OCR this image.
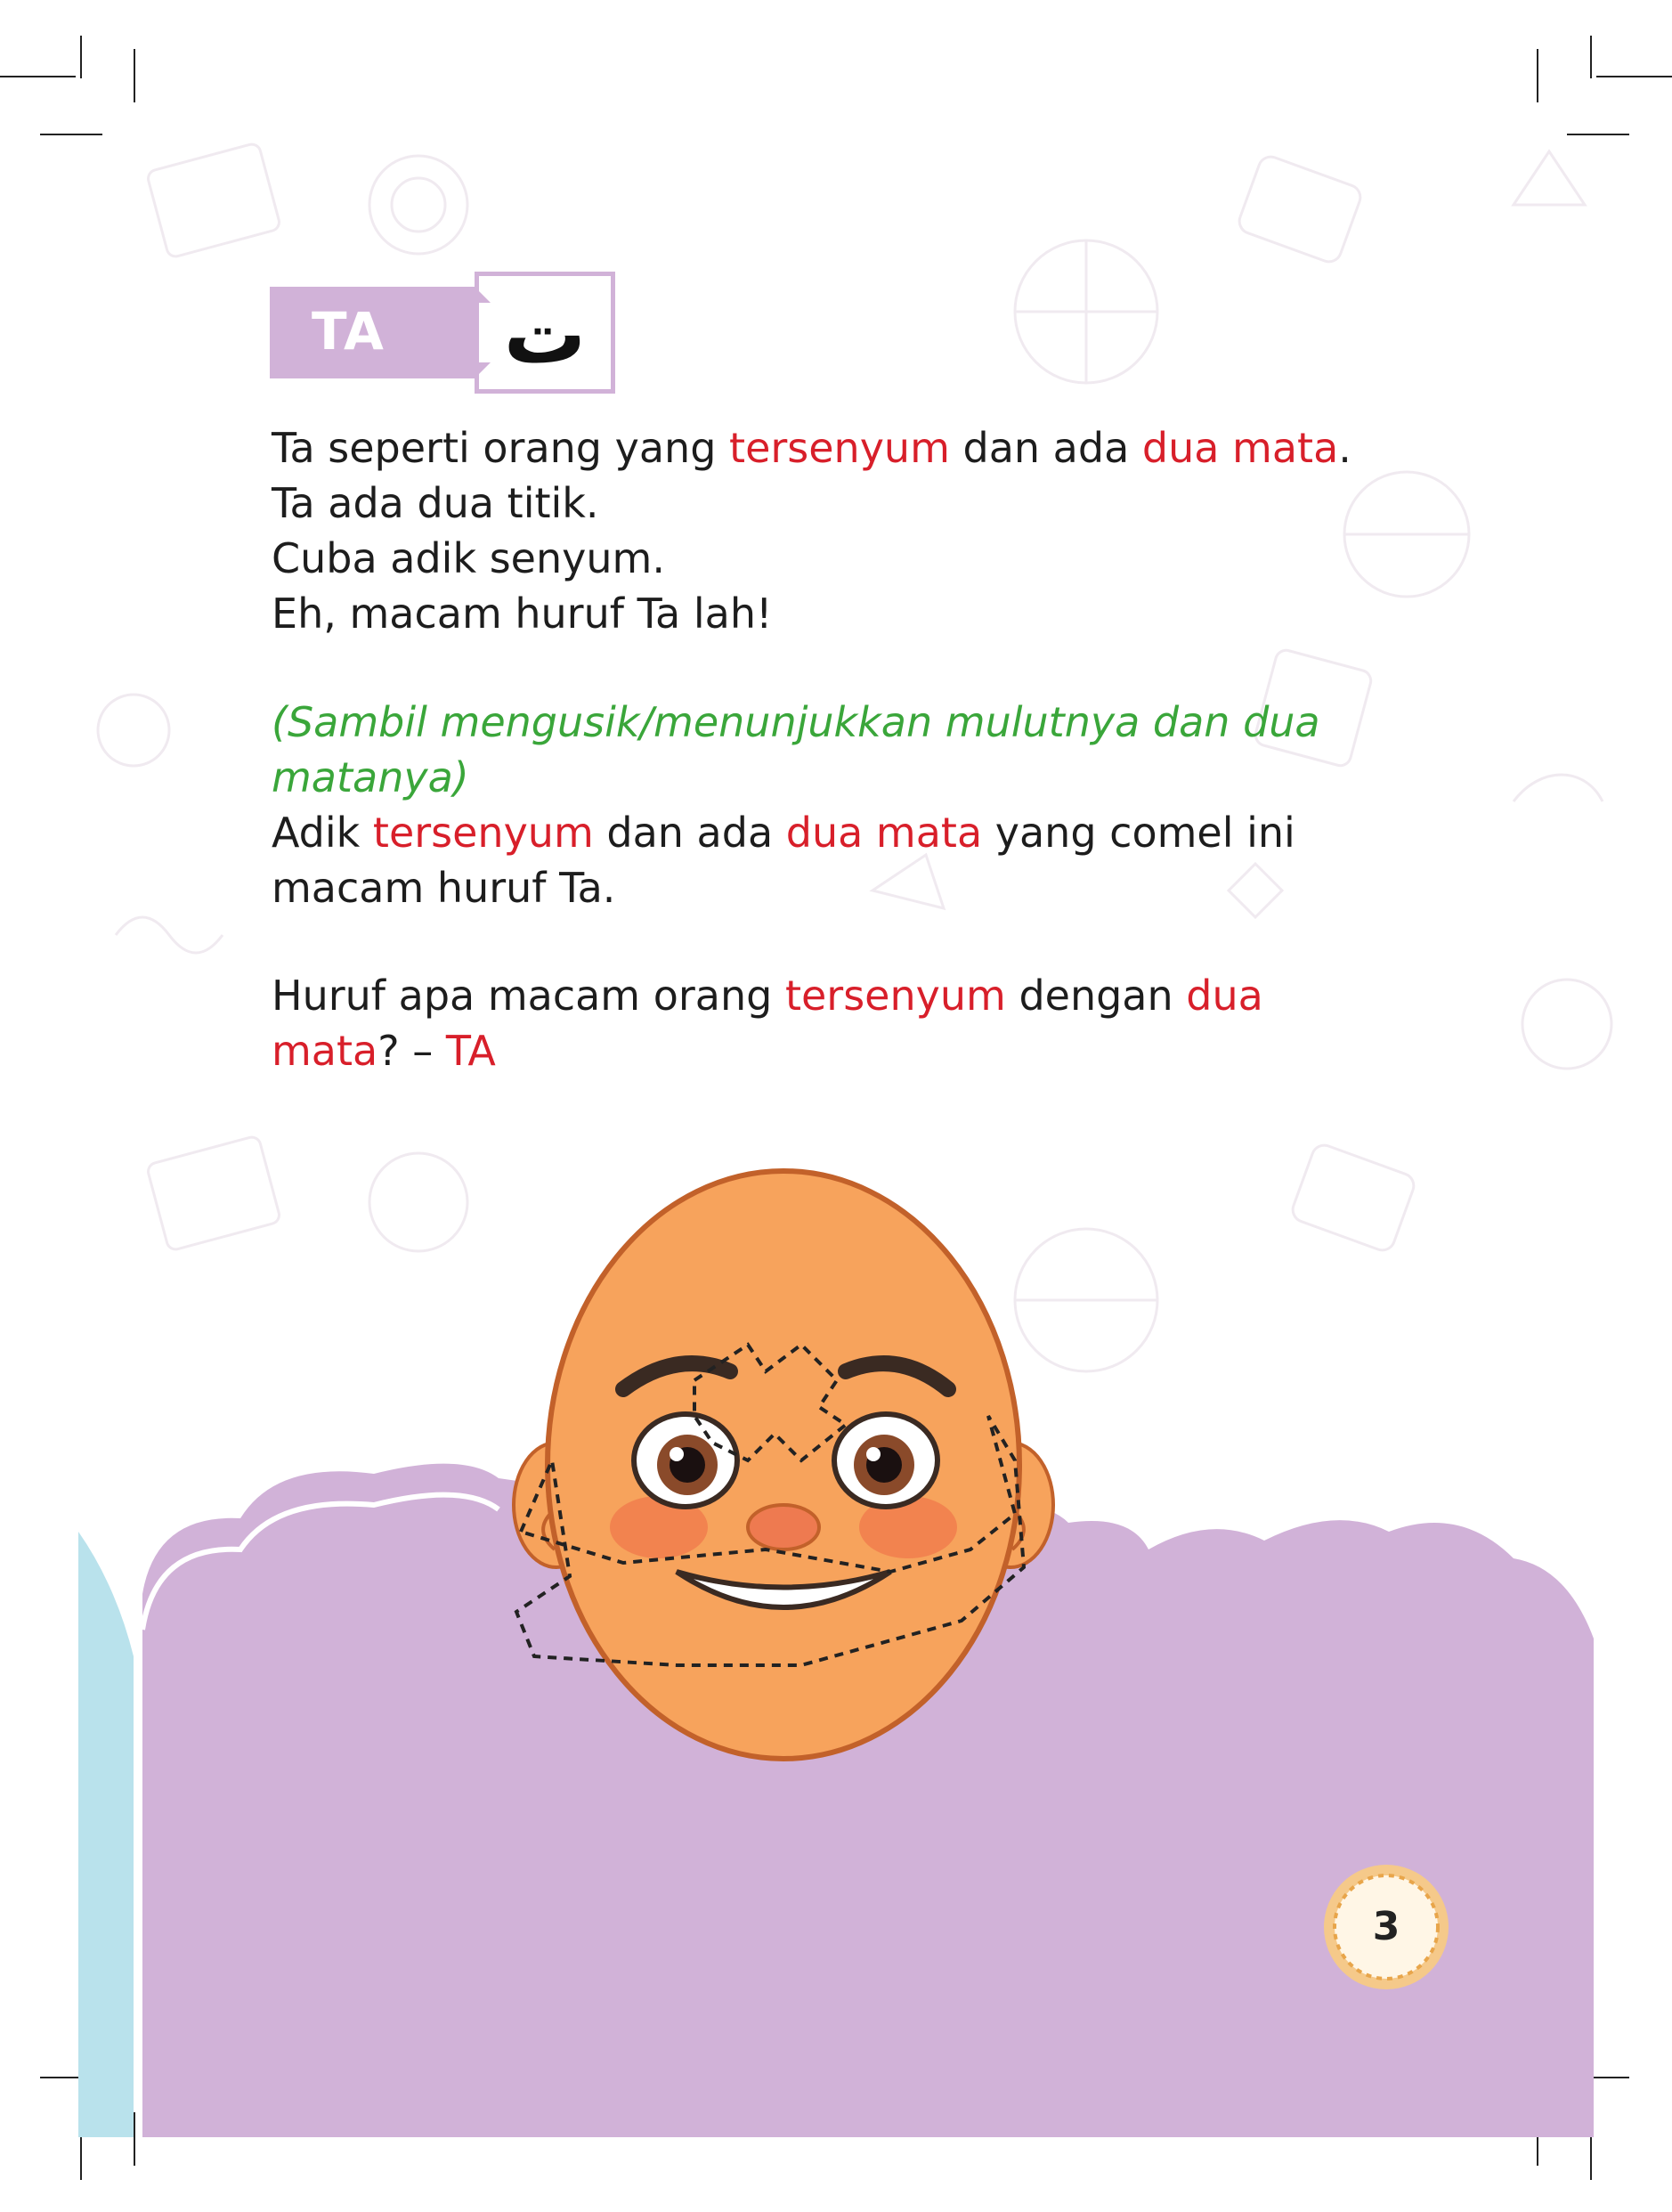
TA	ت

Ta seperti orang yang tersenyum dan ada dua mata.
Ta ada dua titik.
Cuba adik senyum.
Eh, macam huruf Ta lah!

(Sambil mengusik/menunjukkan mulutnya dan dua matanya)
Adik tersenyum dan ada dua mata yang comel ini macam huruf Ta.

Huruf apa macam orang tersenyum dengan dua mata? – TA

3
